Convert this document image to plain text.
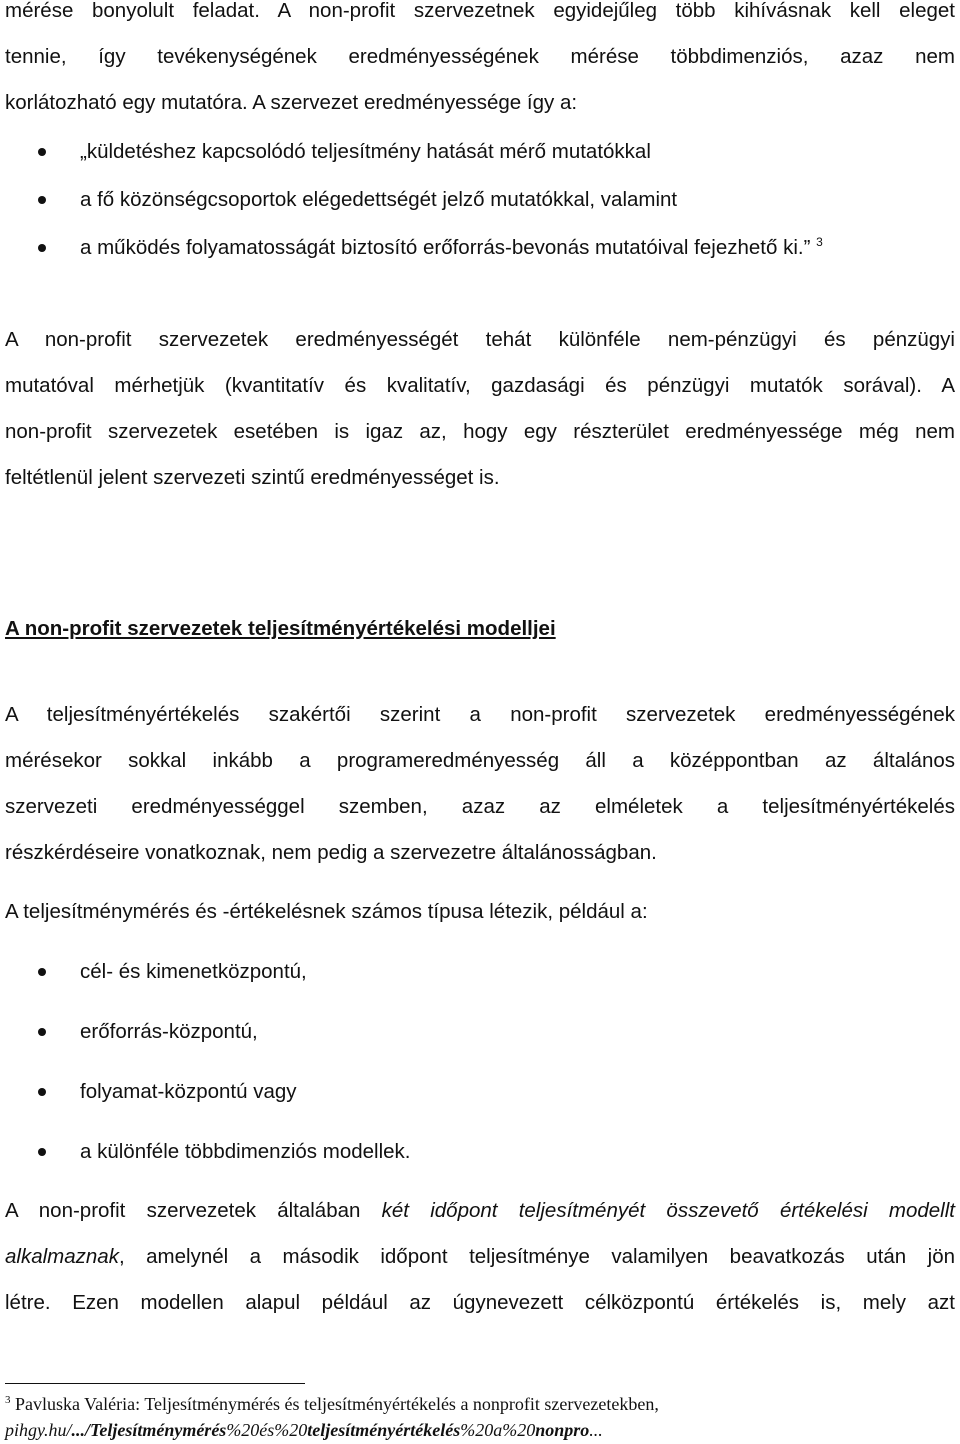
mérése bonyolult feladat. A non-profit szervezetnek egyidejűleg több kihívásnak kell eleget
tennie, így tevékenységének eredményességének mérése többdimenziós, azaz nem
korlátozható egy mutatóra. A szervezet eredményessége így a:
„küldetéshez kapcsolódó teljesítmény hatását mérő mutatókkal
a fő közönségcsoportok elégedettségét jelző mutatókkal, valamint
a működés folyamatosságát biztosító erőforrás-bevonás mutatóival fejezhető ki.” $^3$
A non-profit szervezetek eredményességét tehát különféle nem-pénzügyi és pénzügyi
mutatóval mérhetjük (kvantitatív és kvalitatív, gazdasági és pénzügyi mutatók sorával). A
non-profit szervezetek esetében is igaz az, hogy egy részterület eredményessége még nem
feltétlenül jelent szervezeti szintű eredményességet is.
A non-profit szervezetek teljesítményértékelési modelljei
A teljesítményértékelés szakértői szerint a non-profit szervezetek eredményességének
mérésekor sokkal inkább a programeredményesség áll a középpontban az általános
szervezeti eredményességgel szemben, azaz az elméletek a teljesítményértékelés
részkérdéseire vonatkoznak, nem pedig a szervezetre általánosságban.
A teljesítménymérés és -értékelésnek számos típusa létezik, például a:
cél- és kimenetközpontú,
erőforrás-központú,
folyamat-központú vagy
a különféle többdimenziós modellek.
A non-profit szervezetek általában két időpont teljesítményét összevető értékelési modellt
alkalmaznak, amelynél a második időpont teljesítménye valamilyen beavatkozás után jön
létre. Ezen modellen alapul például az úgynevezett célközpontú értékelés is, mely azt
$^3$ Pavluska Valéria: Teljesítménymérés és teljesítményértékelés a nonprofit szervezetekben,
pihgy.hu/.../Teljesítménymérés%20és%20teljesítményértékelés%20a%20nonpro...
